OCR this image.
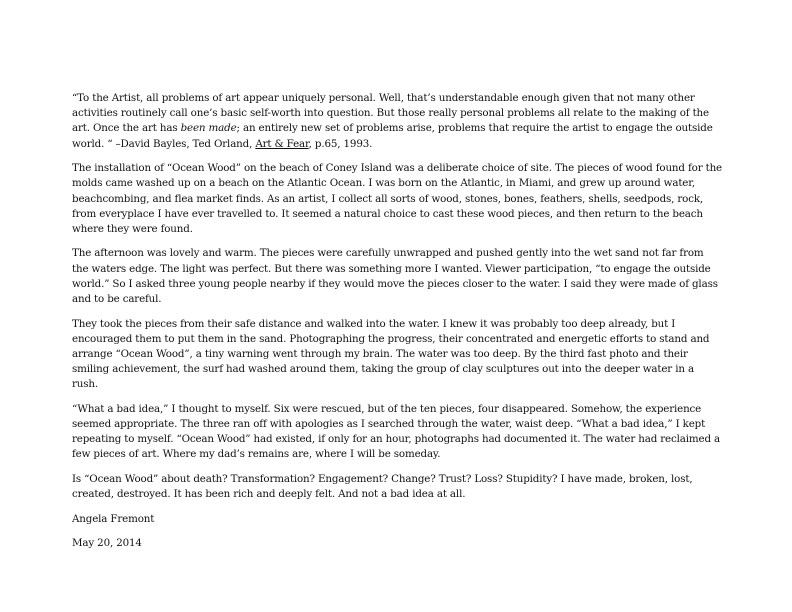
“To the Artist, all problems of art appear uniquely personal. Well, that’s understandable enough given that not many other activities routinely call one’s basic self-worth into question. But those really personal problems all relate to the making of the art. Once the art has been made; an entirely new set of problems arise, problems that require the artist to engage the outside world. “ –David Bayles, Ted Orland, Art & Fear, p.65, 1993.

The installation of “Ocean Wood” on the beach of Coney Island was a deliberate choice of site. The pieces of wood found for the molds came washed up on a beach on the Atlantic Ocean. I was born on the Atlantic, in Miami, and grew up around water, beachcombing, and flea market finds. As an artist, I collect all sorts of wood, stones, bones, feathers, shells, seedpods, rock, from everyplace I have ever travelled to. It seemed a natural choice to cast these wood pieces, and then return to the beach where they were found.

The afternoon was lovely and warm. The pieces were carefully unwrapped and pushed gently into the wet sand not far from the waters edge. The light was perfect. But there was something more I wanted. Viewer participation, “to engage the outside world.” So I asked three young people nearby if they would move the pieces closer to the water. I said they were made of glass and to be careful.

They took the pieces from their safe distance and walked into the water. I knew it was probably too deep already, but I encouraged them to put them in the sand. Photographing the progress, their concentrated and energetic efforts to stand and arrange “Ocean Wood”, a tiny warning went through my brain. The water was too deep. By the third fast photo and their smiling achievement, the surf had washed around them, taking the group of clay sculptures out into the deeper water in a rush.

“What a bad idea,” I thought to myself. Six were rescued, but of the ten pieces, four disappeared. Somehow, the experience seemed appropriate. The three ran off with apologies as I searched through the water, waist deep. “What a bad idea,” I kept repeating to myself. “Ocean Wood” had existed, if only for an hour, photographs had documented it. The water had reclaimed a few pieces of art. Where my dad’s remains are, where I will be someday.

Is “Ocean Wood” about death? Transformation? Engagement? Change? Trust? Loss? Stupidity? I have made, broken, lost, created, destroyed. It has been rich and deeply felt. And not a bad idea at all.

Angela Fremont

May 20, 2014
